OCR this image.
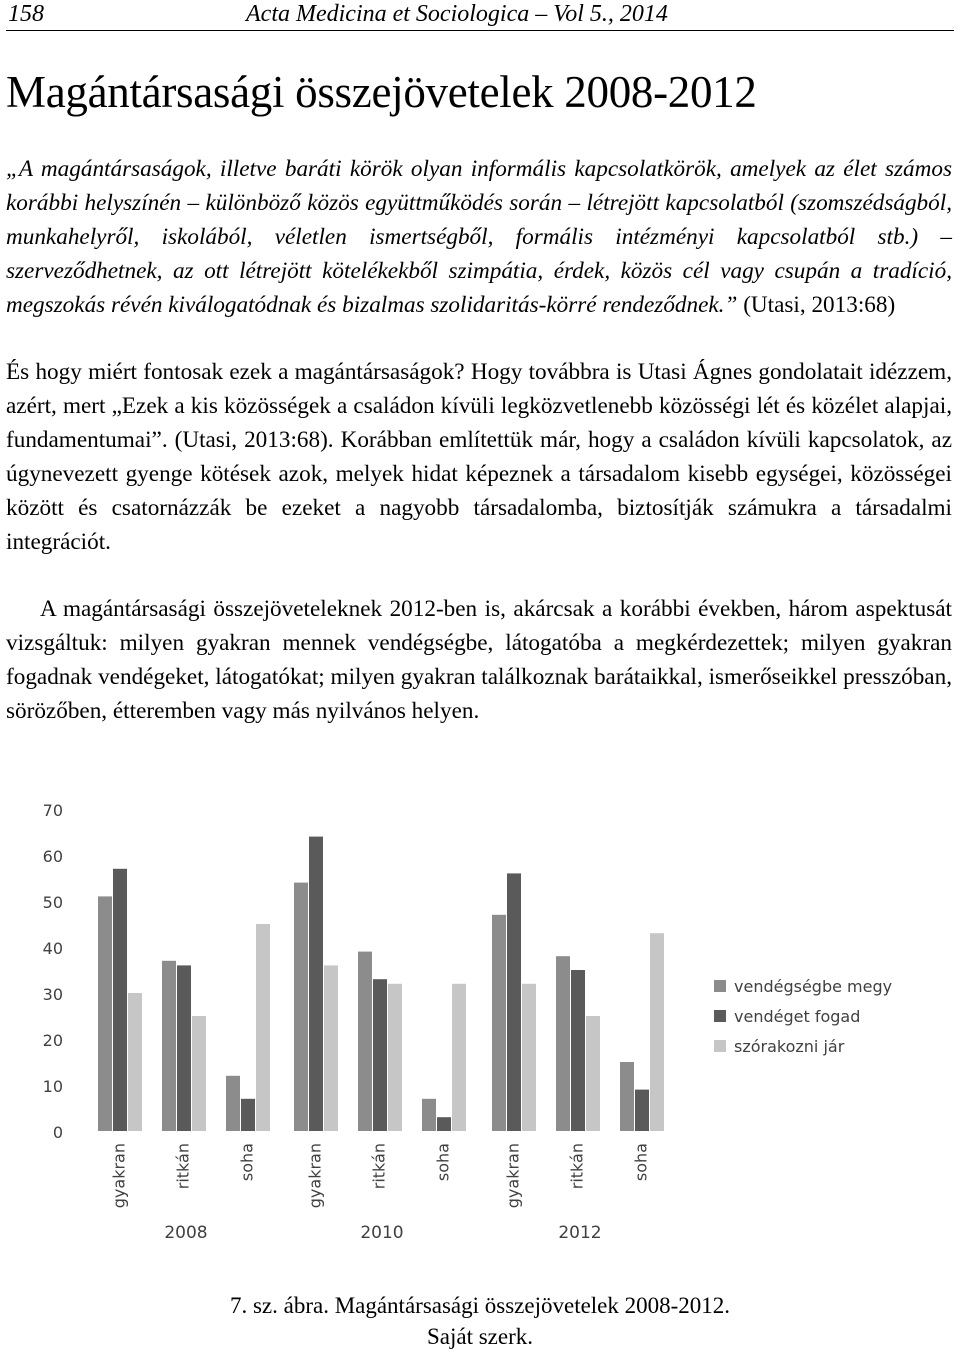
158	Acta Medicina et Sociologica – Vol 5., 2014
Magántársasági összejövetelek 2008-2012
„A magántársaságok, illetve baráti körök olyan informális kapcsolatkörök, amelyek az élet számos korábbi helyszínén – különböző közös együttműködés során – létrejött kapcsolatból (szomszédságból, munkahelyről, iskolából, véletlen ismertségből, formális intézményi kapcsolatból stb.) – szerveződhetnek, az ott létrejött kötelékekből szimpátia, érdek, közös cél vagy csupán a tradíció, megszokás révén kiválogatódnak és bizalmas szolidaritás-körré rendeződnek.” (Utasi, 2013:68)
És hogy miért fontosak ezek a magántársaságok? Hogy továbbra is Utasi Ágnes gondolatait idézzem, azért, mert „Ezek a kis közösségek a családon kívüli legközvetlenebb közösségi lét és közélet alapjai, fundamentumai”. (Utasi, 2013:68). Korábban említettük már, hogy a családon kívüli kapcsolatok, az úgynevezett gyenge kötések azok, melyek hidat képeznek a társadalom kisebb egységei, közösségei között és csatornázzák be ezeket a nagyobb társadalomba, biztosítják számukra a társadalmi integrációt.
A magántársasági összejöveteleknek 2012-ben is, akárcsak a korábbi években, három aspektusát vizsgáltuk: milyen gyakran mennek vendégségbe, látogatóba a megkérdezettek; milyen gyakran fogadnak vendégeket, látogatókat; milyen gyakran találkoznak barátaikkal, ismerőseikkel presszóban, sörözőben, étteremben vagy más nyilvános helyen.
0
10
20
30
40
50
60
70
gyakran	ritkán	soha	gyakran	ritkán	soha	gyakran	ritkán	soha
2008	2010	2012
vendégségbe megy
vendéget fogad
szórakozni jár
7. sz. ábra. Magántársasági összejövetelek 2008-2012.
Saját szerk.
